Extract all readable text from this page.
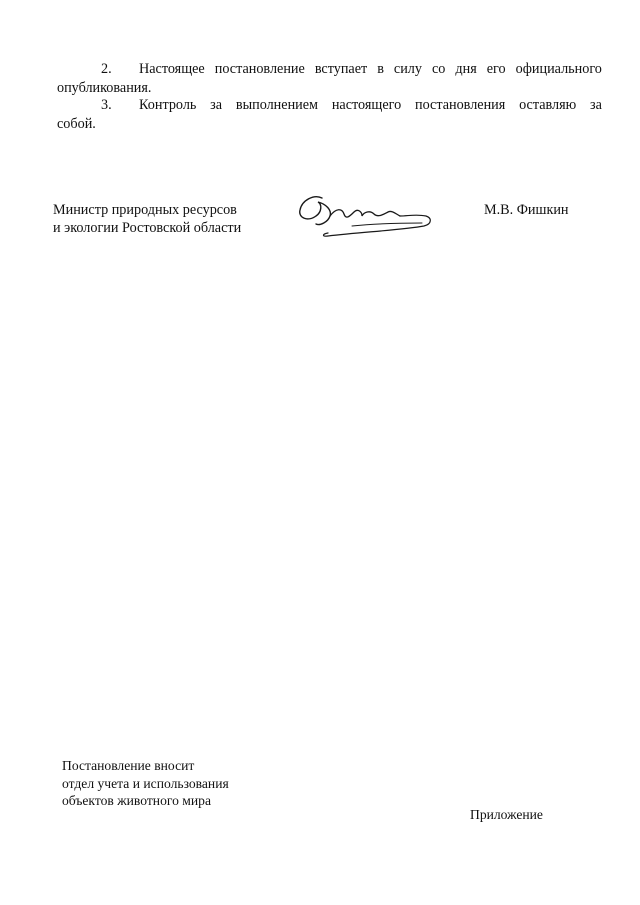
2. Настоящее постановление вступает в силу со дня его официального
опубликования.
3. Контроль за выполнением настоящего постановления оставляю за
собой.
Министр природных ресурсов
и экологии Ростовской области
М.В. Фишкин
Постановление вносит
отдел учета и использования
объектов животного мира
Приложение
